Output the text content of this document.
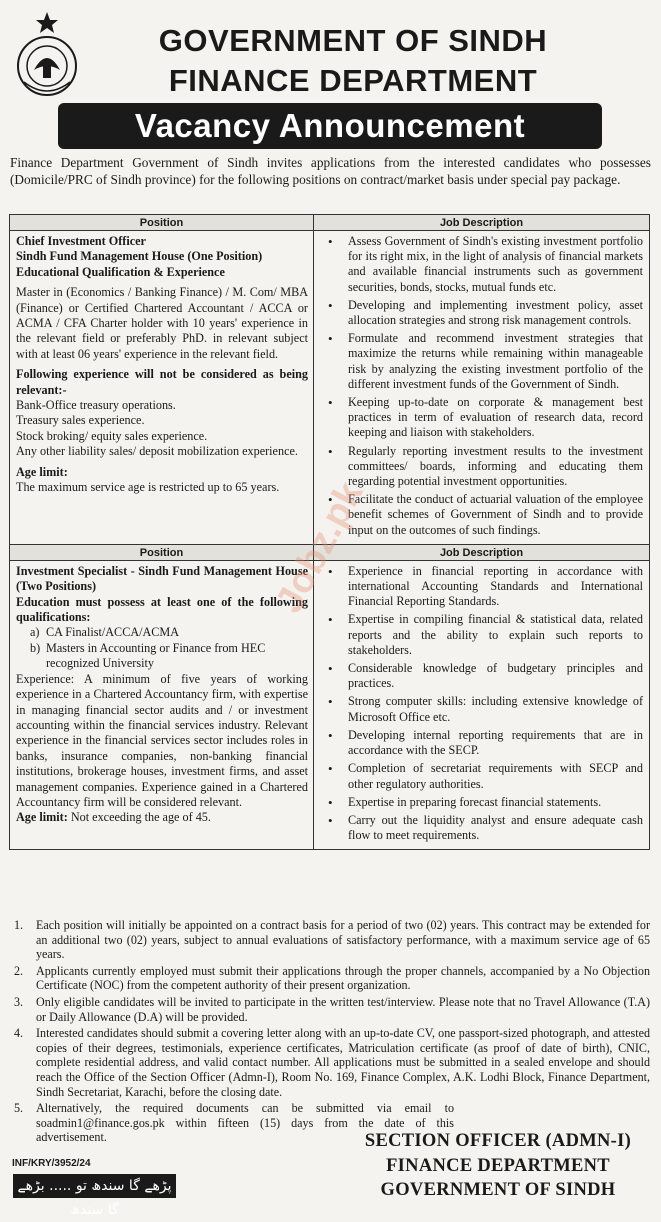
GOVERNMENT OF SINDH
FINANCE DEPARTMENT
Vacancy Announcement

Finance Department Government of Sindh invites applications from the interested candidates who possesses (Domicile/PRC of Sindh province) for the following positions on contract/market basis under special pay package.

Position	Job Description
Chief Investment Officer
Sindh Fund Management House (One Position)
Educational Qualification & Experience
Master in (Economics / Banking Finance) / M. Com/ MBA (Finance) or Certified Chartered Accountant / ACCA or ACMA / CFA Charter holder with 10 years' experience in the relevant field or preferably PhD. in relevant subject with at least 06 years' experience in the relevant field.
Following experience will not be considered as being relevant:-
Bank-Office treasury operations.
Treasury sales experience.
Stock broking/ equity sales experience.
Any other liability sales/ deposit mobilization experience.
Age limit:
The maximum service age is restricted up to 65 years.
• Assess Government of Sindh's existing investment portfolio for its right mix, in the light of analysis of financial markets and available financial instruments such as government securities, bonds, stocks, mutual funds etc.
• Developing and implementing investment policy, asset allocation strategies and strong risk management controls.
• Formulate and recommend investment strategies that maximize the returns while remaining within manageable risk by analyzing the existing investment portfolio of the different investment funds of the Government of Sindh.
• Keeping up-to-date on corporate & management best practices in term of evaluation of research data, record keeping and liaison with stakeholders.
• Regularly reporting investment results to the investment committees/ boards, informing and educating them regarding potential investment opportunities.
• Facilitate the conduct of actuarial valuation of the employee benefit schemes of Government of Sindh and to provide input on the outcomes of such findings.
Position	Job Description
Investment Specialist - Sindh Fund Management House (Two Positions)
Education must possess at least one of the following qualifications:
a) CA Finalist/ACCA/ACMA
b) Masters in Accounting or Finance from HEC recognized University
Experience: A minimum of five years of working experience in a Chartered Accountancy firm, with expertise in managing financial sector audits and / or investment accounting within the financial services industry. Relevant experience in the financial services sector includes roles in banks, insurance companies, non-banking financial institutions, brokerage houses, investment firms, and asset management companies. Experience gained in a Chartered Accountancy firm will be considered relevant.
Age limit: Not exceeding the age of 45.
• Experience in financial reporting in accordance with international Accounting Standards and International Financial Reporting Standards.
• Expertise in compiling financial & statistical data, related reports and the ability to explain such reports to stakeholders.
• Considerable knowledge of budgetary principles and practices.
• Strong computer skills: including extensive knowledge of Microsoft Office etc.
• Developing internal reporting requirements that are in accordance with the SECP.
• Completion of secretariat requirements with SECP and other regulatory authorities.
• Expertise in preparing forecast financial statements.
• Carry out the liquidity analyst and ensure adequate cash flow to meet requirements.
1.	Each position will initially be appointed on a contract basis for a period of two (02) years. This contract may be extended for an additional two (02) years, subject to annual evaluations of satisfactory performance, with a maximum service age of 65 years.
2.	Applicants currently employed must submit their applications through the proper channels, accompanied by a No Objection Certificate (NOC) from the competent authority of their present organization.
3.	Only eligible candidates will be invited to participate in the written test/interview. Please note that no Travel Allowance (T.A) or Daily Allowance (D.A) will be provided.
4.	Interested candidates should submit a covering letter along with an up-to-date CV, one passport-sized photograph, and attested copies of their degrees, testimonials, experience certificates, Matriculation certificate (as proof of date of birth), CNIC, complete residential address, and valid contact number. All applications must be submitted in a sealed envelope and should reach the Office of the Section Officer (Admn-I), Room No. 169, Finance Complex, A.K. Lodhi Block, Finance Department, Sindh Secretariat, Karachi, before the closing date.
5.	Alternatively, the required documents can be submitted via email to soadmin1@finance.gos.pk within fifteen (15) days from the date of this advertisement.
INF/KRY/3952/24
پڑھے گا سندھ تو ..... بڑھے گا سندھ
SECTION OFFICER (ADMN-I)
FINANCE DEPARTMENT
GOVERNMENT OF SINDH
Jobz.pk
